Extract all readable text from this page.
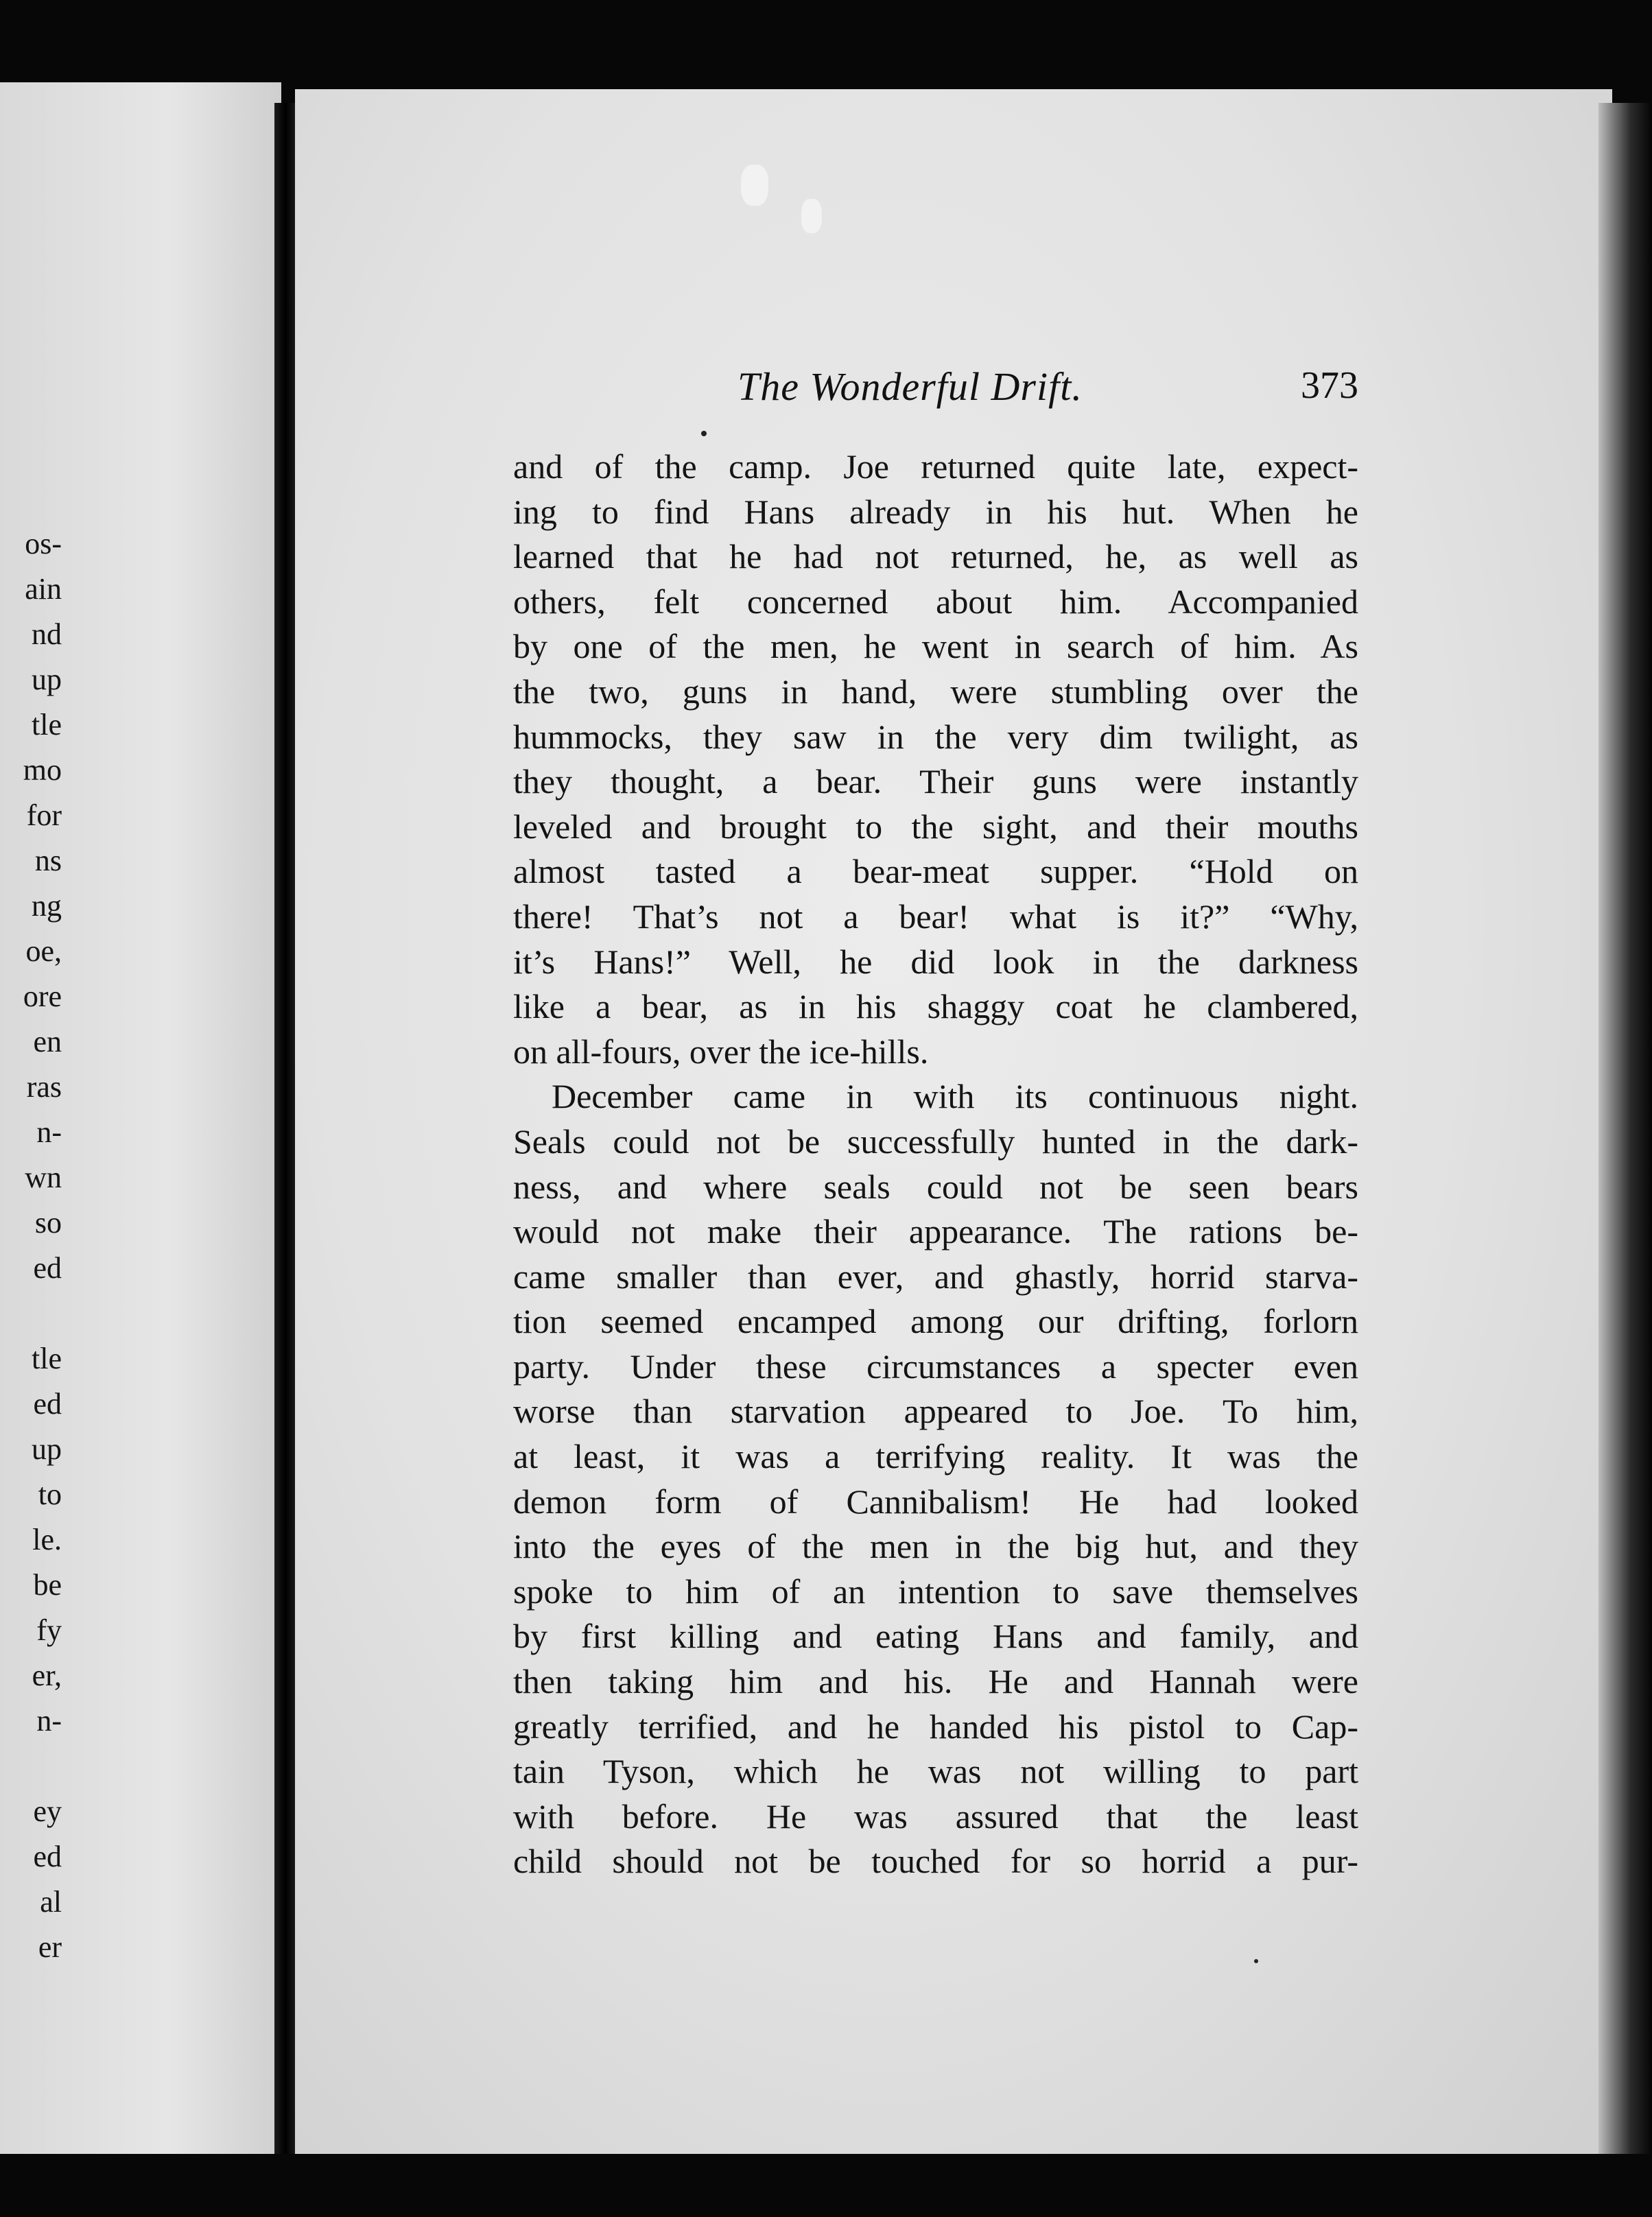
os-
ain
nd
up
tle
mo
for
ns
ng
oe,
ore
en
ras
n-
wn
so
ed
tle
ed
up
to
le.
be
fy
er,
n-
ey
ed
al
er
The Wonderful Drift.	373
and of the camp. Joe returned quite late, expect-
ing to find Hans already in his hut. When he
learned that he had not returned, he, as well as
others, felt concerned about him. Accompanied
by one of the men, he went in search of him. As
the two, guns in hand, were stumbling over the
hummocks, they saw in the very dim twilight, as
they thought, a bear. Their guns were instantly
leveled and brought to the sight, and their mouths
almost tasted a bear-meat supper. “Hold on
there! That’s not a bear! what is it?” “Why,
it’s Hans!” Well, he did look in the darkness
like a bear, as in his shaggy coat he clambered,
on all-fours, over the ice-hills.
December came in with its continuous night.
Seals could not be successfully hunted in the dark-
ness, and where seals could not be seen bears
would not make their appearance. The rations be-
came smaller than ever, and ghastly, horrid starva-
tion seemed encamped among our drifting, forlorn
party. Under these circumstances a specter even
worse than starvation appeared to Joe. To him,
at least, it was a terrifying reality. It was the
demon form of Cannibalism! He had looked
into the eyes of the men in the big hut, and they
spoke to him of an intention to save themselves
by first killing and eating Hans and family, and
then taking him and his. He and Hannah were
greatly terrified, and he handed his pistol to Cap-
tain Tyson, which he was not willing to part
with before. He was assured that the least
child should not be touched for so horrid a pur-
